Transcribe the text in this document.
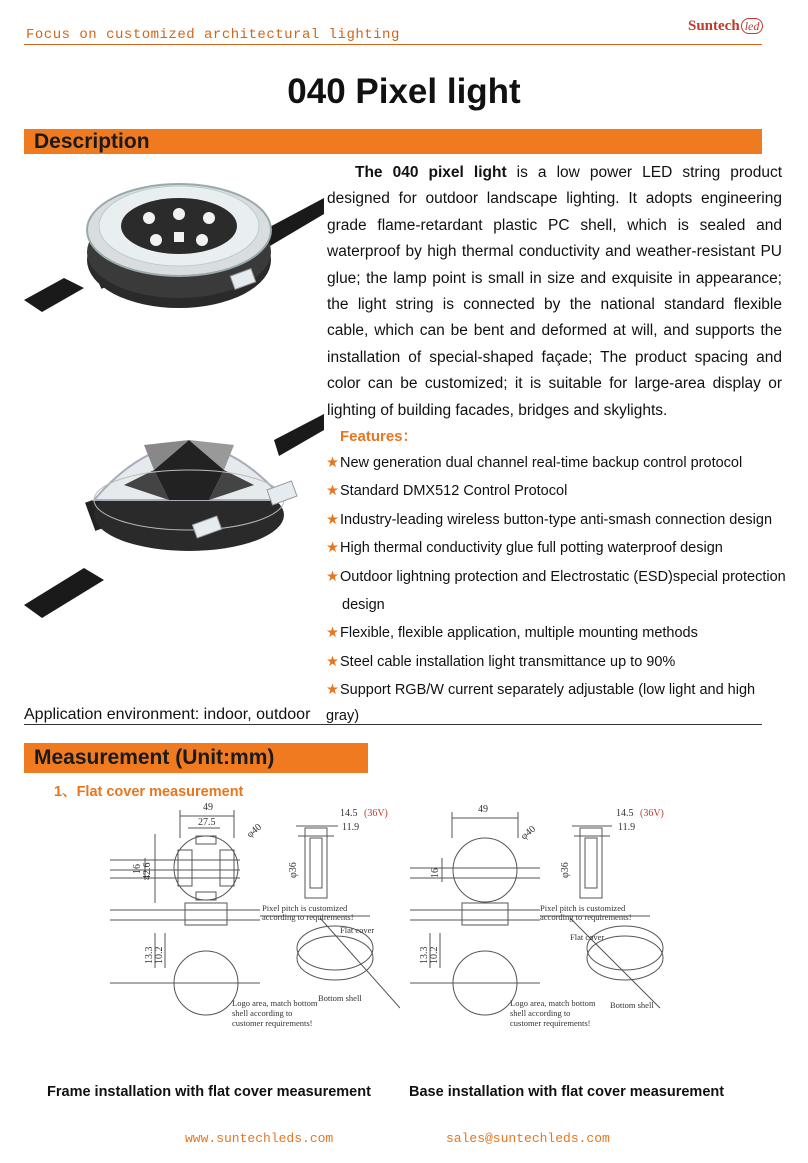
Focus on customized architectural lighting
Suntech led
040 Pixel light
Description

The 040 pixel light is a low power LED string product designed for outdoor landscape lighting. It adopts engineering grade flame-retardant plastic PC shell, which is sealed and waterproof by high thermal conductivity and weather-resistant PU glue; the lamp point is small in size and exquisite in appearance; the light string is connected by the national standard flexible cable, which can be bent and deformed at will, and supports the installation of special-shaped façade; The product spacing and color can be customized; it is suitable for large-area display or lighting of building facades, bridges and skylights.

Features：
★New generation dual channel real-time backup control protocol
★Standard DMX512 Control Protocol
★Industry-leading wireless button-type anti-smash connection design
★High thermal conductivity glue full potting waterproof design
★Outdoor lightning protection and Electrostatic (ESD)special protection
design
★Flexible, flexible application, multiple mounting methods
★Steel cable installation light transmittance up to 90%
★Support RGB/W current separately adjustable (low light and high gray)
Application environment: indoor, outdoor
Measurement (Unit:mm)
1、Flat cover measurement
49
27.5	φ40
42.6
16	φ36
14.5 (36V)
11.9
13.3 10.2
Pixel pitch is customized
according to requirements!
Flat cover
Bottom shell
Logo area, match bottom
shell according to
customer requirements!
49
φ40
16	φ36
14.5 (36V)
11.9
13.3 10.2
Pixel pitch is customized
according to requirements!
Flat cover
Bottom shell
Logo area, match bottom
shell according to
customer requirements!
Frame installation with flat cover measurement	Base installation with flat cover measurement
www.suntechleds.com	sales@suntechleds.com
